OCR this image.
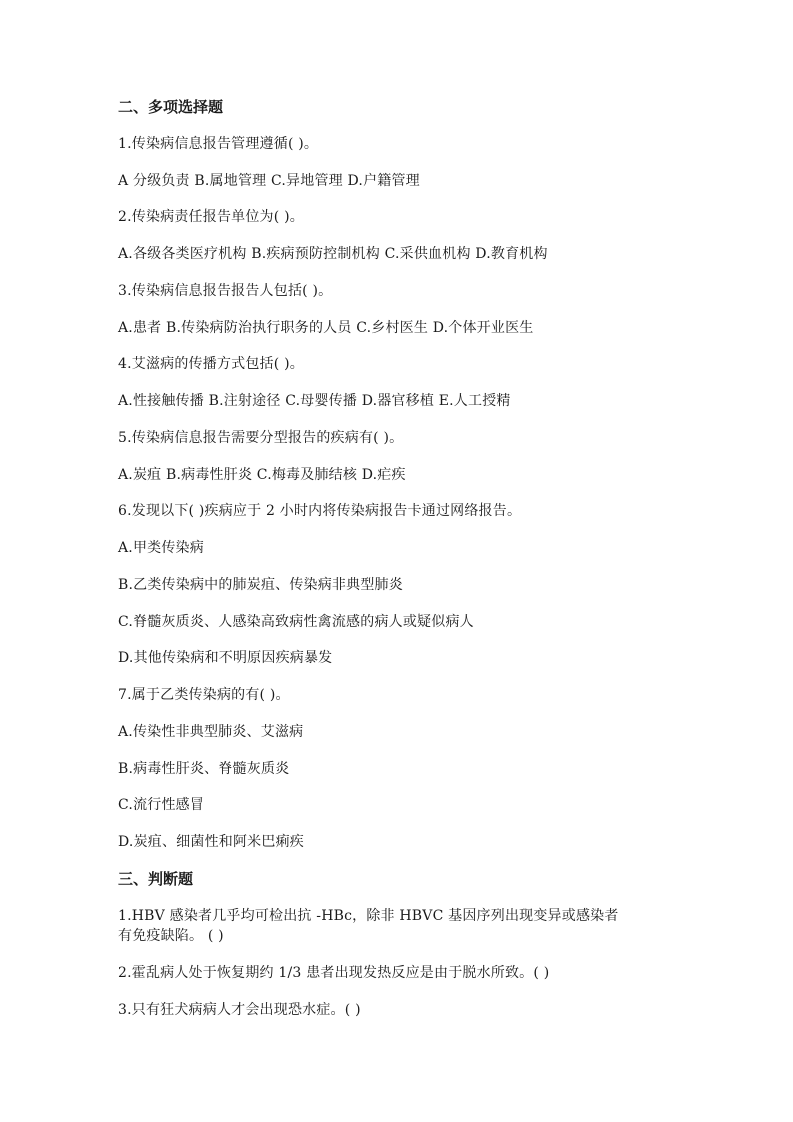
二、多项选择题
1.传染病信息报告管理遵循( )。
A 分级负责 B.属地管理 C.异地管理 D.户籍管理
2.传染病责任报告单位为( )。
A.各级各类医疗机构 B.疾病预防控制机构 C.采供血机构 D.教育机构
3.传染病信息报告报告人包括( )。
A.患者 B.传染病防治执行职务的人员 C.乡村医生 D.个体开业医生
4.艾滋病的传播方式包括( )。
A.性接触传播 B.注射途径 C.母婴传播 D.器官移植 E.人工授精
5.传染病信息报告需要分型报告的疾病有( )。
A.炭疽 B.病毒性肝炎 C.梅毒及肺结核 D.疟疾
6.发现以下( )疾病应于 2 小时内将传染病报告卡通过网络报告。
A.甲类传染病
B.乙类传染病中的肺炭疽、传染病非典型肺炎
C.脊髓灰质炎、人感染高致病性禽流感的病人或疑似病人
D.其他传染病和不明原因疾病暴发
7.属于乙类传染病的有( )。
A.传染性非典型肺炎、艾滋病
B.病毒性肝炎、脊髓灰质炎
C.流行性感冒
D.炭疽、细菌性和阿米巴痢疾
三、判断题
1.HBV 感染者几乎均可检出抗 -HBc，除非 HBVC 基因序列出现变异或感染者
有免疫缺陷。 ( )
2.霍乱病人处于恢复期约 1/3 患者出现发热反应是由于脱水所致。( )
3.只有狂犬病病人才会出现恐水症。( )
